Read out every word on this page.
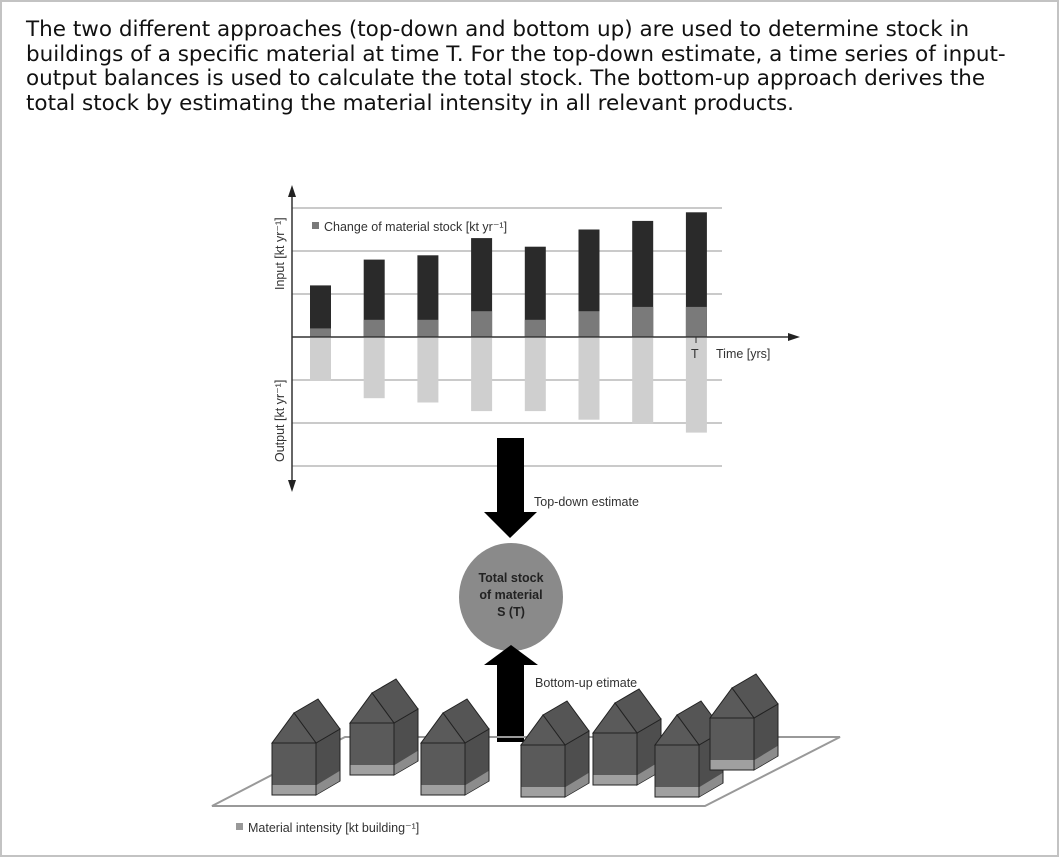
The two different approaches (top-down and bottom up) are used to determine stock in buildings of a specific material at time T. For the top-down estimate, a time series of input-output balances is used to calculate the total stock. The bottom-up approach derives the total stock by estimating the material intensity in all relevant products.

T Time [yrs]
Input [kt yr⁻¹]
Output [kt yr⁻¹]
Change of material stock [kt yr⁻¹]
Top-down estimate
Total stock
of material
S (T)
Bottom-up etimate
Material intensity [kt building⁻¹]
